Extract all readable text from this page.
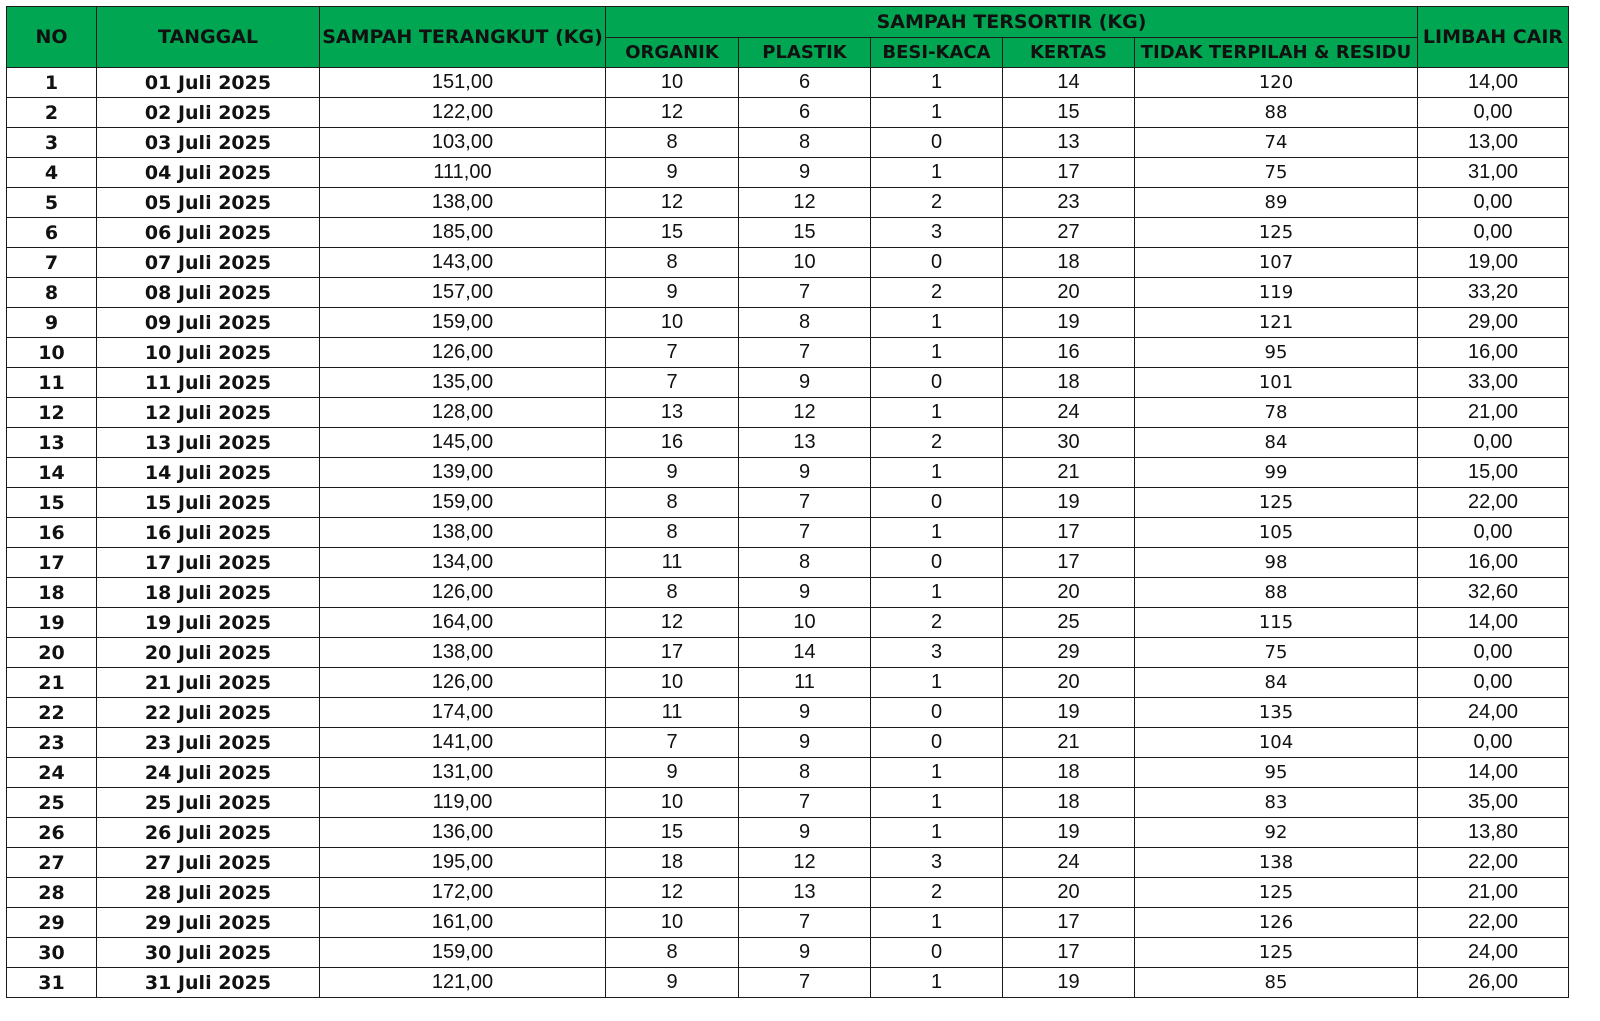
NO	TANGGAL	SAMPAH TERANGKUT (KG)	SAMPAH TERSORTIR (KG)					LIMBAH CAIR
			ORGANIK	PLASTIK	BESI-KACA	KERTAS	TIDAK TERPILAH & RESIDU	
1	01 Juli 2025	151,00	10	6	1	14	120	14,00
2	02 Juli 2025	122,00	12	6	1	15	88	0,00
3	03 Juli 2025	103,00	8	8	0	13	74	13,00
4	04 Juli 2025	111,00	9	9	1	17	75	31,00
5	05 Juli 2025	138,00	12	12	2	23	89	0,00
6	06 Juli 2025	185,00	15	15	3	27	125	0,00
7	07 Juli 2025	143,00	8	10	0	18	107	19,00
8	08 Juli 2025	157,00	9	7	2	20	119	33,20
9	09 Juli 2025	159,00	10	8	1	19	121	29,00
10	10 Juli 2025	126,00	7	7	1	16	95	16,00
11	11 Juli 2025	135,00	7	9	0	18	101	33,00
12	12 Juli 2025	128,00	13	12	1	24	78	21,00
13	13 Juli 2025	145,00	16	13	2	30	84	0,00
14	14 Juli 2025	139,00	9	9	1	21	99	15,00
15	15 Juli 2025	159,00	8	7	0	19	125	22,00
16	16 Juli 2025	138,00	8	7	1	17	105	0,00
17	17 Juli 2025	134,00	11	8	0	17	98	16,00
18	18 Juli 2025	126,00	8	9	1	20	88	32,60
19	19 Juli 2025	164,00	12	10	2	25	115	14,00
20	20 Juli 2025	138,00	17	14	3	29	75	0,00
21	21 Juli 2025	126,00	10	11	1	20	84	0,00
22	22 Juli 2025	174,00	11	9	0	19	135	24,00
23	23 Juli 2025	141,00	7	9	0	21	104	0,00
24	24 Juli 2025	131,00	9	8	1	18	95	14,00
25	25 Juli 2025	119,00	10	7	1	18	83	35,00
26	26 Juli 2025	136,00	15	9	1	19	92	13,80
27	27 Juli 2025	195,00	18	12	3	24	138	22,00
28	28 Juli 2025	172,00	12	13	2	20	125	21,00
29	29 Juli 2025	161,00	10	7	1	17	126	22,00
30	30 Juli 2025	159,00	8	9	0	17	125	24,00
31	31 Juli 2025	121,00	9	7	1	19	85	26,00
